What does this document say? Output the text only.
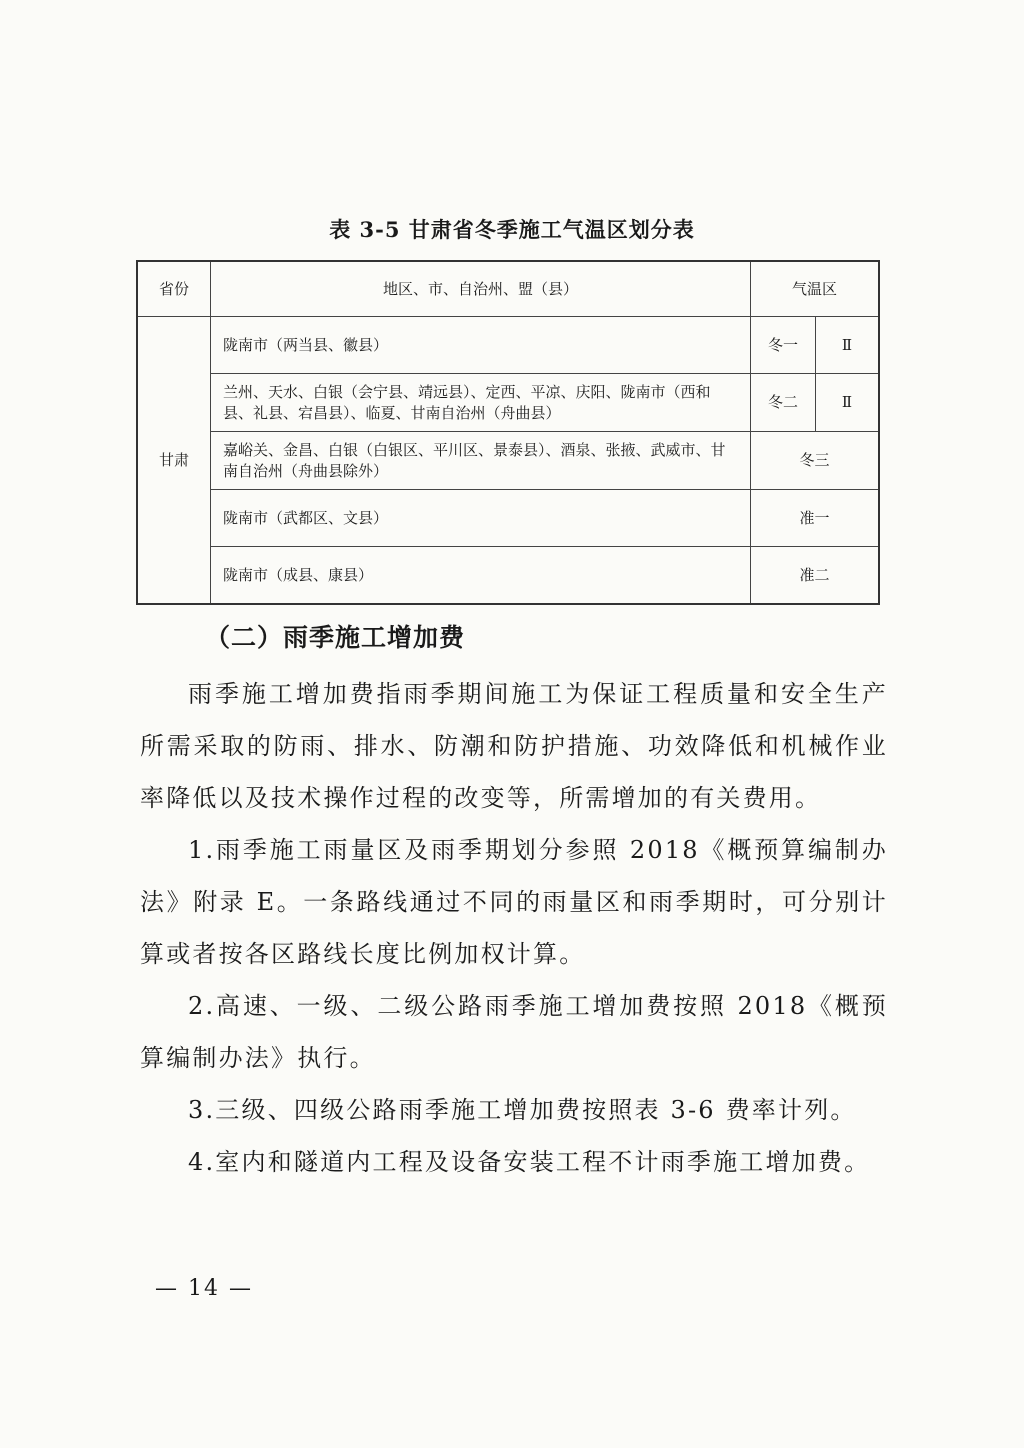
表 3-5 甘肃省冬季施工气温区划分表
省份	地区、市、自治州、盟（县）	气温区	
甘肃	陇南市（两当县、徽县）	冬一	Ⅱ
	兰州、天水、白银（会宁县、靖远县）、定西、平凉、庆阳、陇南市（西和县、礼县、宕昌县）、临夏、甘南自治州（舟曲县）	冬二	Ⅱ
	嘉峪关、金昌、白银（白银区、平川区、景泰县）、酒泉、张掖、武威市、甘南自治州（舟曲县除外）	冬三	
	陇南市（武都区、文县）	准一	
	陇南市（成县、康县）	准二	
（二）雨季施工增加费

雨季施工增加费指雨季期间施工为保证工程质量和安全生产所需采取的防雨、排水、防潮和防护措施、功效降低和机械作业率降低以及技术操作过程的改变等，所需增加的有关费用。

1.雨季施工雨量区及雨季期划分参照 2018《概预算编制办法》附录 E。一条路线通过不同的雨量区和雨季期时，可分别计算或者按各区路线长度比例加权计算。

2.高速、一级、二级公路雨季施工增加费按照 2018《概预算编制办法》执行。

3.三级、四级公路雨季施工增加费按照表 3-6 费率计列。

4.室内和隧道内工程及设备安装工程不计雨季施工增加费。

— 14 —
